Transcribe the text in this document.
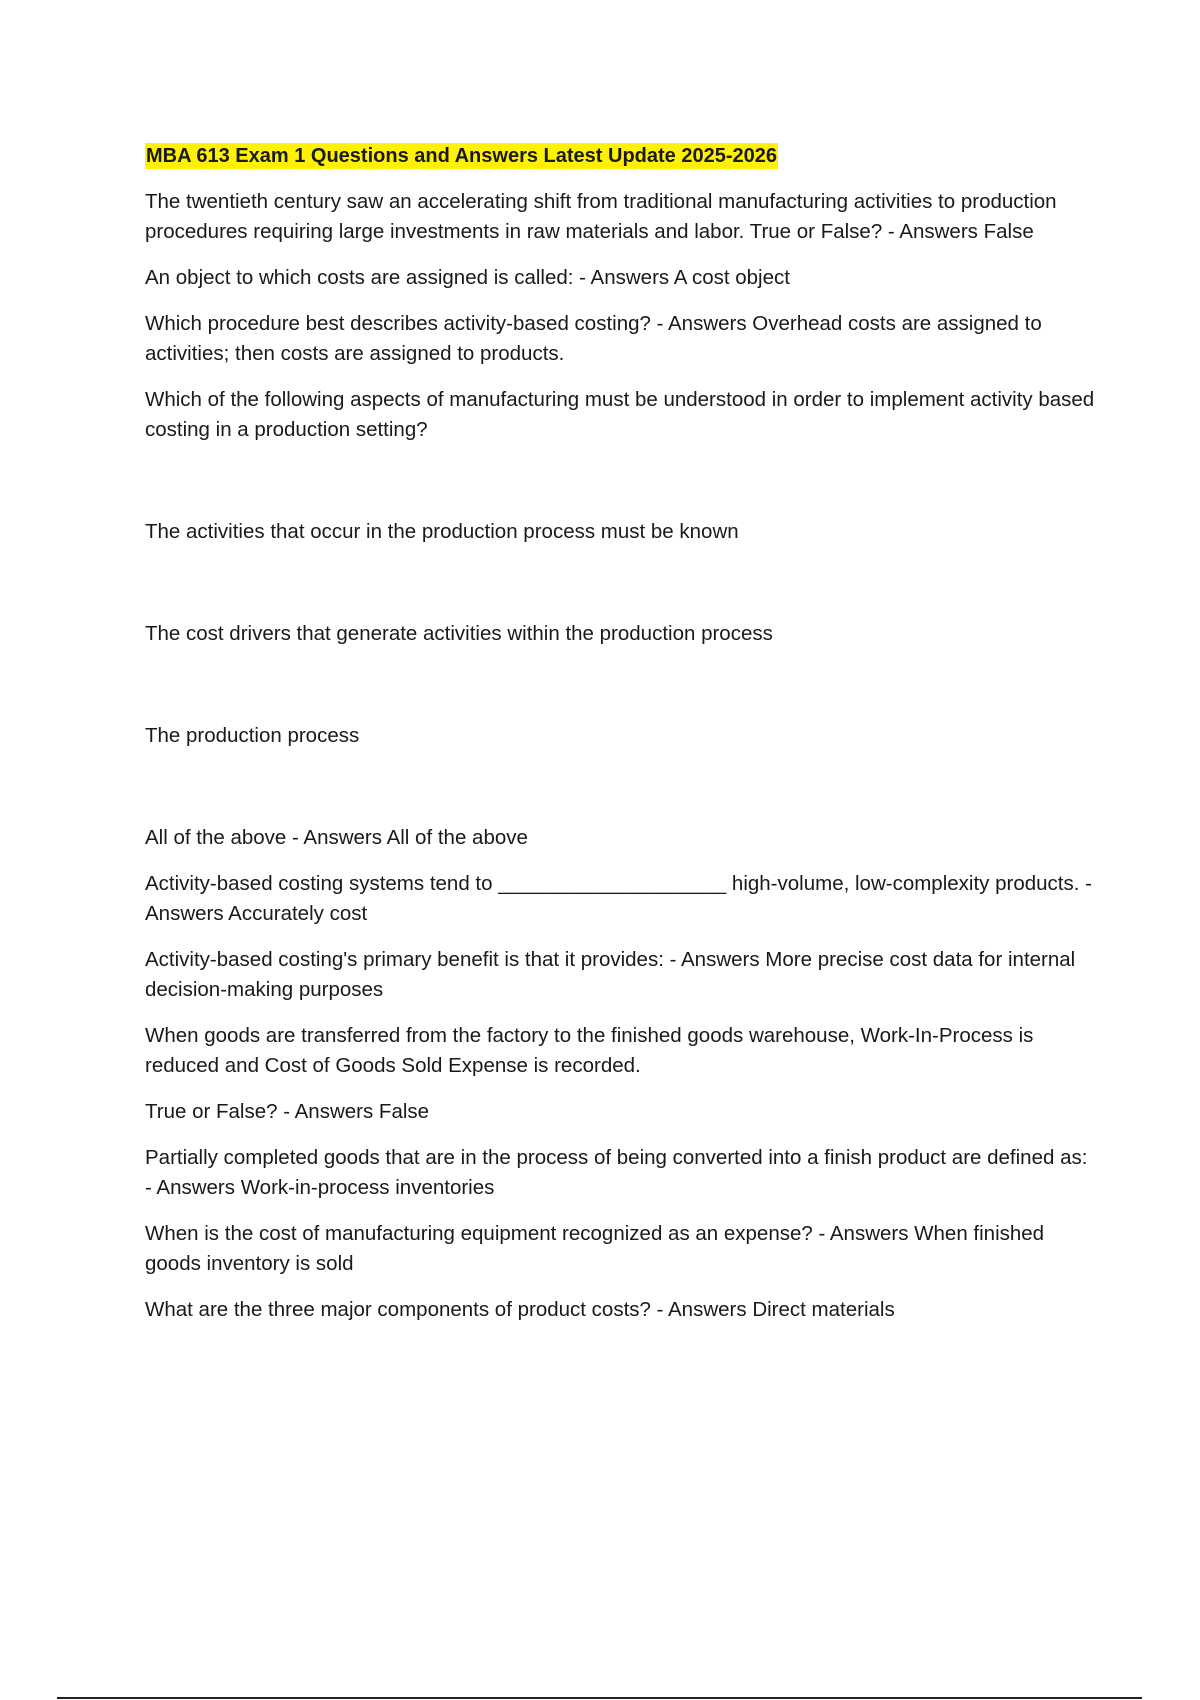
MBA 613 Exam 1 Questions and Answers Latest Update 2025-2026

The twentieth century saw an accelerating shift from traditional manufacturing activities to production procedures requiring large investments in raw materials and labor. True or False? - Answers False

An object to which costs are assigned is called: - Answers A cost object

Which procedure best describes activity-based costing? - Answers Overhead costs are assigned to activities; then costs are assigned to products.

Which of the following aspects of manufacturing must be understood in order to implement activity based costing in a production setting?

The activities that occur in the production process must be known

The cost drivers that generate activities within the production process

The production process

All of the above - Answers All of the above

Activity-based costing systems tend to ____________________ high-volume, low-complexity products. - Answers Accurately cost

Activity-based costing's primary benefit is that it provides: - Answers More precise cost data for internal decision-making purposes

When goods are transferred from the factory to the finished goods warehouse, Work-In-Process is reduced and Cost of Goods Sold Expense is recorded.

True or False? - Answers False

Partially completed goods that are in the process of being converted into a finish product are defined as: - Answers Work-in-process inventories

When is the cost of manufacturing equipment recognized as an expense? - Answers When finished goods inventory is sold

What are the three major components of product costs? - Answers Direct materials
